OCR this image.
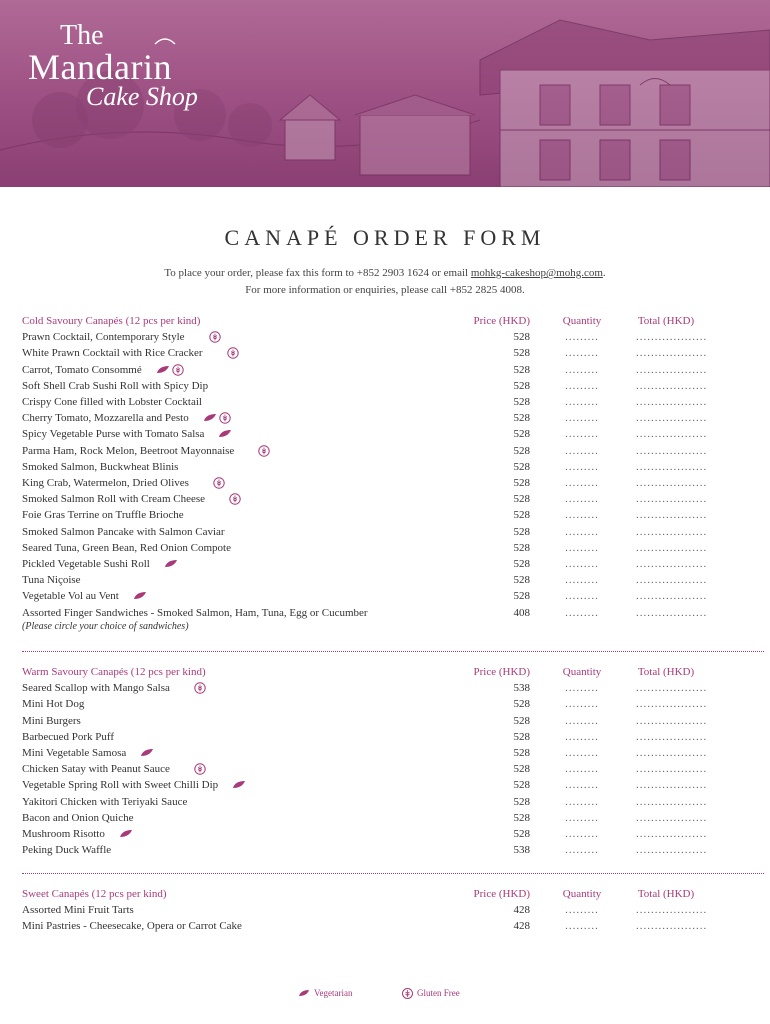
The
Mandarin
Cake Shop
CANAPÉ ORDER FORM
To place your order, please fax this form to +852 2903 1624 or email mohkg-cakeshop@mohg.com.
For more information or enquiries, please call +852 2825 4008.
Cold Savoury Canapés (12 pcs per kind)	Price (HKD)	Quantity	Total (HKD)
Prawn Cocktail, Contemporary Style	528	.........	...................
White Prawn Cocktail with Rice Cracker	528	.........	...................
Carrot, Tomato Consommé	528	.........	...................
Soft Shell Crab Sushi Roll with Spicy Dip	528	.........	...................
Crispy Cone filled with Lobster Cocktail	528	.........	...................
Cherry Tomato, Mozzarella and Pesto	528	.........	...................
Spicy Vegetable Purse with Tomato Salsa	528	.........	...................
Parma Ham, Rock Melon, Beetroot Mayonnaise	528	.........	...................
Smoked Salmon, Buckwheat Blinis	528	.........	...................
King Crab, Watermelon, Dried Olives	528	.........	...................
Smoked Salmon Roll with Cream Cheese	528	.........	...................
Foie Gras Terrine on Truffle Brioche	528	.........	...................
Smoked Salmon Pancake with Salmon Caviar	528	.........	...................
Seared Tuna, Green Bean, Red Onion Compote	528	.........	...................
Pickled Vegetable Sushi Roll	528	.........	...................
Tuna Niçoise	528	.........	...................
Vegetable Vol au Vent	528	.........	...................
Assorted Finger Sandwiches - Smoked Salmon, Ham, Tuna, Egg or Cucumber	408	.........	...................
(Please circle your choice of sandwiches)
Warm Savoury Canapés (12 pcs per kind)	Price (HKD)	Quantity	Total (HKD)
Seared Scallop with Mango Salsa	538	.........	...................
Mini Hot Dog	528	.........	...................
Mini Burgers	528	.........	...................
Barbecued Pork Puff	528	.........	...................
Mini Vegetable Samosa	528	.........	...................
Chicken Satay with Peanut Sauce	528	.........	...................
Vegetable Spring Roll with Sweet Chilli Dip	528	.........	...................
Yakitori Chicken with Teriyaki Sauce	528	.........	...................
Bacon and Onion Quiche	528	.........	...................
Mushroom Risotto	528	.........	...................
Peking Duck Waffle	538	.........	...................
Sweet Canapés (12 pcs per kind)	Price (HKD)	Quantity	Total (HKD)
Assorted Mini Fruit Tarts	428	.........	...................
Mini Pastries - Cheesecake, Opera or Carrot Cake	428	.........	...................
Vegetarian	Gluten Free
